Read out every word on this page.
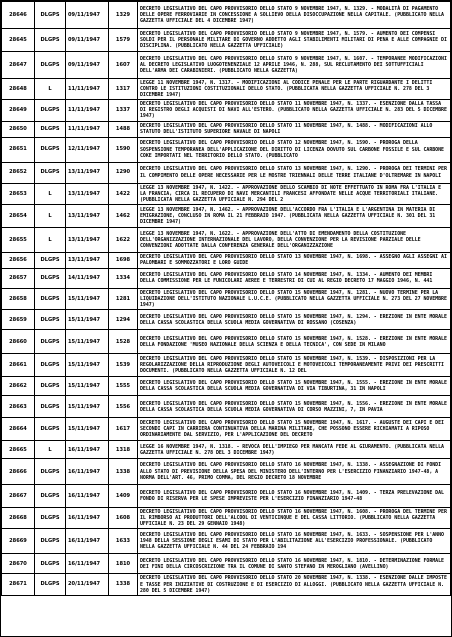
28646	DLGPS	09/11/1947	1329	DECRETO LEGISLATIVO DEL CAPO PROVVISORIO DELLO STATO 9 NOVEMBRE 1947, N. 1329. - MODALITÀ DI PAGAMENTO DELLE OPERE FERROVIARIE IN CONCESSIONE A SOLLIEVO DELLA DISOCCUPAZIONE NELLA CAPITALE. (PUBBLICATO NELLA GAZZETTA UFFICIALE DEL 4 DICEMBRE 1947)
28645	DLGPS	09/11/1947	1579	DECRETO LEGISLATIVO DEL CAPO PROVVISORIO DELLO STATO 9 NOVEMBRE 1947, N. 1579. - AUMENTO DEI COMPENSI SOLDI PER IL PERSONALE MILITARE DI GOVERNO ADDETTO AGLI STABILIMENTI MILITARI DI PENA E ALLE COMPAGNIE DI DISCIPLINA. (PUBBLICATO NELLA GAZZETTA UFFICIALE)
28647	DLGPS	09/11/1947	1607	DECRETO LEGISLATIVO DEL CAPO PROVVISORIO DELLO STATO 9 NOVEMBRE 1947, N. 1607. - TEMPORANEE MODIFICAZIONI AL DECRETO LEGISLATIVO LUOGOTENENZIALE 12 APRILE 1946, N. 288, SUL RECLUTAMENTO DEI SOTTUFFICIALI DELL'ARMA DEI CARABINIERI. (PUBBLICATO NELLA GAZZETTA)
28648	L	11/11/1947	1317	LEGGE 11 NOVEMBRE 1947, N. 1317. - MODIFICAZIONI AL CODICE PENALE PER LE PARTE RIGUARDANTE I DELITTI CONTRO LE ISTITUZIONI COSTITUZIONALI DELLO STATO. (PUBBLICATA NELLA GAZZETTA UFFICIALE N. 278 DEL 3 DICEMBRE 1947)
28649	DLGPS	11/11/1947	1337	DECRETO LEGISLATIVO DEL CAPO PROVVISORIO DELLO STATO 11 NOVEMBRE 1947, N. 1337. - ESENZIONE DALLA TASSA DI REGISTRO DEGLI ACQUISTI DI NAVI ALL'ESTERO. (PUBBLICATO NELLA GAZZETTA UFFICIALE N. 283 DEL 5 DICEMBRE 1947)
28650	DLGPS	11/11/1947	1488	DECRETO LEGISLATIVO DEL CAPO PROVVISORIO DELLO STATO 11 NOVEMBRE 1947, N. 1488. - MODIFICAZIONI ALLO STATUTO DELL'ISTITUTO SUPERIORE NAVALE DI NAPOLI
28651	DLGPS	12/11/1947	1590	DECRETO LEGISLATIVO DEL CAPO PROVVISORIO DELLO STATO 12 NOVEMBRE 1947, N. 1590. - PROROGA DELLA SOSPENSIONE TEMPORANEA DELL'APPLICAZIONE DEL DIRITTO DI LICENZA DOVUTO SUL CARBONE FOSSILE E SUL CARBONE COKE IMPORTATI NEL TERRITORIO DELLO STATO. (PUBBLICATO
28652	DLGPS	13/11/1947	1290	DECRETO LEGISLATIVO DEL CAPO PROVVISORIO DELLO STATO 13 NOVEMBRE 1947, N. 1290. - PROROGA DEI TERMINI PER IL COMPIMENTO DELLE OPERE NECESSARIE PER LE MOSTRE TRIENNALI DELLE TERRE ITALIANE D'OLTREMARE IN NAPOLI
28653	L	13/11/1947	1422	LEGGE 13 NOVEMBRE 1947, N. 1422. - APPROVAZIONE DELLO SCAMBIO DI NOTE EFFETTUATO IN ROMA FRA L'ITALIA E LA FRANCIA, CIRCA IL RECUPERO DI NAVI MERCANTILI FRANCESI AFFONDATE NELLE ACQUE TERRITORIALI ITALIANE. (PUBBLICATA NELLA GAZZETTA UFFICIALE N. 294 DEL 2
28654	L	13/11/1947	1462	LEGGE 13 NOVEMBRE 1947, N. 1462. - APPROVAZIONE DELL'ACCORDO FRA L'ITALIA E L'ARGENTINA IN MATERIA DI EMIGRAZIONE, CONCLUSO IN ROMA IL 21 FEBBRAIO 1947. (PUBBLICATA NELLA GAZZETTA UFFICIALE N. 301 DEL 31 DICEMBRE 1947)
28655	L	13/11/1947	1622	LEGGE 13 NOVEMBRE 1947, N. 1622. - APPROVAZIONE DELL'ATTO DI EMENDAMENTO DELLA COSTITUZIONE DELL'ORGANIZZAZIONE INTERNAZIONALE DEL LAVORO, DELLA CONVENZIONE PER LA REVISIONE PARZIALE DELLE CONVENZIONI ADOTTATE DALLA CONFERENZA GENERALE DELL'ORGANIZZAZIONE
28656	DLGPS	13/11/1947	1698	DECRETO LEGISLATIVO DEL CAPO PROVVISORIO DELLO STATO 13 NOVEMBRE 1947, N. 1698. - ASSEGNO AGLI ASSEGNI AI PALOMBARI E SOMMOZZATORI E LORO GUIDE
28657	DLGPS	14/11/1947	1334	DECRETO LEGISLATIVO DEL CAPO PROVVISORIO DELLO STATO 14 NOVEMBRE 1947, N. 1334. - AUMENTO DEI MEMBRI DELLA COMMISSIONE PER LE FUNICOLARI AEREE E TERRESTRI DI CUI AL REGIO DECRETO 17 MAGGIO 1946, N. 441
28658	DLGPS	15/11/1947	1281	DECRETO LEGISLATIVO DEL CAPO PROVVISORIO DELLO STATO 15 NOVEMBRE 1947, N. 1281. - NUOVO TERMINE PER LA LIQUIDAZIONE DELL'ISTITUTO NAZIONALE L.U.C.E. (PUBBLICATO NELLA GAZZETTA UFFICIALE N. 273 DEL 27 NOVEMBRE 1947)
28659	DLGPS	15/11/1947	1294	DECRETO LEGISLATIVO DEL CAPO PROVVISORIO DELLO STATO 15 NOVEMBRE 1947, N. 1294. - EREZIONE IN ENTE MORALE DELLA CASSA SCOLASTICA DELLA SCUOLA MEDIA GOVERNATIVA DI ROSSANO (COSENZA)
28660	DLGPS	15/11/1947	1528	DECRETO LEGISLATIVO DEL CAPO PROVVISORIO DELLO STATO 15 NOVEMBRE 1947, N. 1528. - EREZIONE IN ENTE MORALE DELLA FONDAZIONE 'MUSEO NAZIONALE DELLA SCIENZA E DELLA TECNICA', CON SEDE IN MILANO
28661	DLGPS	15/11/1947	1539	DECRETO LEGISLATIVO DEL CAPO PROVVISORIO DELLO STATO 15 NOVEMBRE 1947, N. 1539. - DISPOSIZIONI PER LA REGOLARIZZAZIONE DELLA RIPRODUZIONE DEGLI AUTOVEICOLI E MOTOVEICOLI TEMPORANEAMENTE PRIVI DEI PRESCRITTI DOCUMENTI. (PUBBLICATO NELLA GAZZETTA UFFICIALE N. 12 DEL
28662	DLGPS	15/11/1947	1555	DECRETO LEGISLATIVO DEL CAPO PROVVISORIO DELLO STATO 15 NOVEMBRE 1947, N. 1555. - EREZIONE IN ENTE MORALE DELLA CASSA SCOLASTICA DELLA SCUOLA MEDIA GOVERNATIVA DI VIA TIBURTINA, 31 IN NAPOLI
28663	DLGPS	15/11/1947	1556	DECRETO LEGISLATIVO DEL CAPO PROVVISORIO DELLO STATO 15 NOVEMBRE 1947, N. 1556. - EREZIONE IN ENTE MORALE DELLA CASSA SCOLASTICA DELLA SCUOLA MEDIA GOVERNATIVA DI CORSO MAZZINI, 7, IN PAVIA
28664	DLGPS	15/11/1947	1617	DECRETO LEGISLATIVO DEL CAPO PROVVISORIO DELLO STATO 15 NOVEMBRE 1947, N. 1617. - AUGUSTE DEI CAPI E DEI SECONDI CAPI IN CARRIERA CONTINUATIVA DELLA MARINA MILITARE, CHE POSSONO ESSERE RICHIAMATI A RIPOSO ORDINARIAMENTE DAL SERVIZIO, PER L'APPLICAZIONE DEL DECRETO
28665	L	16/11/1947	1318	LEGGE 16 NOVEMBRE 1947, N. 1318. - REVOCA DELL'IMPIEGO PER MANCATA FEDE AL GIURAMENTO. (PUBBLICATA NELLA GAZZETTA UFFICIALE N. 278 DEL 3 DICEMBRE 1947)
28666	DLGPS	16/11/1947	1338	DECRETO LEGISLATIVO DEL CAPO PROVVISORIO DELLO STATO 16 NOVEMBRE 1947, N. 1338. - ASSEGNAZIONE DI FONDI ALLO STATO DI PREVISIONE DELLA SPESA DEL MINISTERO DELL'INTERNO PER L'ESERCIZIO FINANZIARIO 1947-48, A NORMA DELL'ART. 46, PRIMO COMMA, DEL REGIO DECRETO 18 NOVEMBRE
28667	DLGPS	16/11/1947	1409	DECRETO LEGISLATIVO DEL CAPO PROVVISORIO DELLO STATO 16 NOVEMBRE 1947, N. 1409. - TERZA PRELEVAZIONE DAL FONDO DI RISERVA PER LE SPESE IMPREVISTE PER L'ESERCIZIO FINANZIARIO 1947-48
28668	DLGPS	16/11/1947	1608	DECRETO LEGISLATIVO DEL CAPO PROVVISORIO DELLO STATO 16 NOVEMBRE 1947, N. 1608. - PROROGA DEL TERMINE PER IL RIMBORSO AI PRODUTTORI DELL'ALCOOL DI VENTICINQUE E DEL CASSA LITTORIO. (PUBBLICATO NELLA GAZZETTA UFFICIALE N. 23 DEL 29 GENNAIO 1948)
28669	DLGPS	16/11/1947	1633	DECRETO LEGISLATIVO DEL CAPO PROVVISORIO DELLO STATO 16 NOVEMBRE 1947, N. 1633. - SOSPENSIONE PER L'ANNO 1948 DELLA SESSIONE DEGLI ESAMI DI STATO PER L'ABILITAZIONE ALL'ESERCIZIO PROFESSIONALE. (PUBBLICATO NELLA GAZZETTA UFFICIALE N. 44 DEL 24 FEBBRAIO 194
28670	DLGPS	16/11/1947	1810	DECRETO LEGISLATIVO DEL CAPO PROVVISORIO DELLO STATO 16 NOVEMBRE 1947, N. 1810. - DETERMINAZIONE FORMALE DEI FINI DELLA CIRCOSCRIZIONE TRA IL COMUNE DI SANTO STEFANO IN MEROGLIANO (AVELLINO)
28671	DLGPS	20/11/1947	1338	DECRETO LEGISLATIVO DEL CAPO PROVVISORIO DELLO STATO 20 NOVEMBRE 1947, N. 1338. - ESENZIONE DALLE IMPOSTE E TASSE PER INIZIATIVE DI COSTRUZIONE E DI ESERCIZIO DI ALLOGGI. (PUBBLICATO NELLA GAZZETTA UFFICIALE N. 280 DEL 5 DICEMBRE 1947)
